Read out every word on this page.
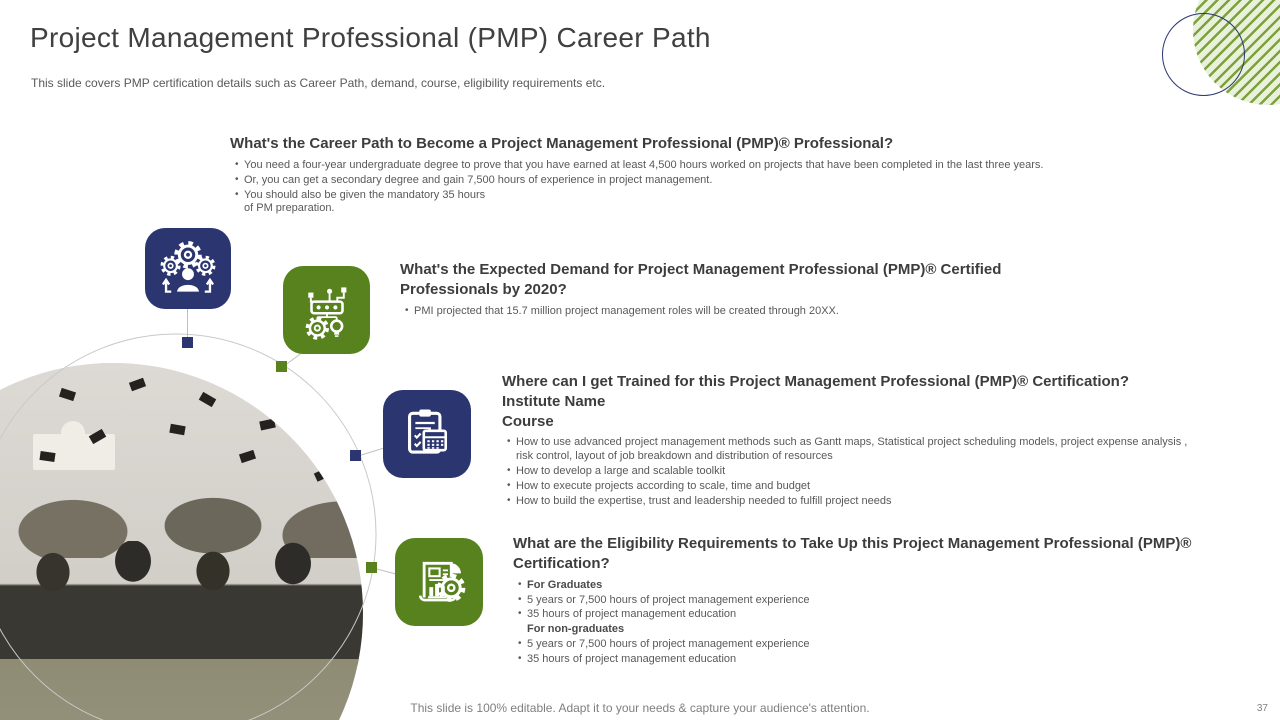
Project Management Professional (PMP) Career Path
This slide covers PMP certification details such as Career Path, demand, course, eligibility requirements etc.
What's the Career Path to Become a Project Management Professional (PMP)® Professional?
• You need a four-year undergraduate degree to prove that you have earned at least 4,500 hours worked on projects that have been completed in the last three years.
• Or, you can get a secondary degree and gain 7,500 hours of experience in project management.
• You should also be given the mandatory 35 hours of PM preparation.
What's the Expected Demand for Project Management Professional (PMP)® Certified Professionals by 2020?
• PMI projected that 15.7 million project management roles will be created through 20XX.
Where can I get Trained for this Project Management Professional (PMP)® Certification?
Institute Name
Course
• How to use advanced project management methods such as Gantt maps, Statistical project scheduling models, project expense analysis , risk control, layout of job breakdown and distribution of resources
• How to develop a large and scalable toolkit
• How to execute projects according to scale, time and budget
• How to build the expertise, trust and leadership needed to fulfill project needs
What are the Eligibility Requirements to Take Up this Project Management Professional (PMP)® Certification?
• For Graduates
• 5 years or 7,500 hours of project management experience
• 35 hours of project management education
For non-graduates
• 5 years or 7,500 hours of project management experience
• 35 hours of project management education
This slide is 100% editable. Adapt it to your needs & capture your audience's attention.	37
